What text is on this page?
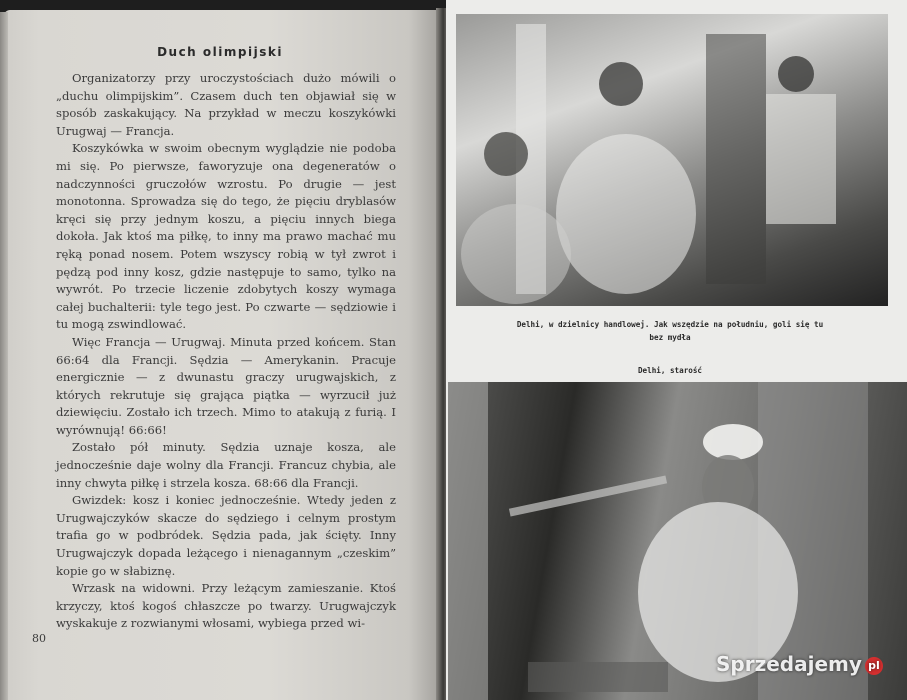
Duch olimpijski

Organizatorzy przy uroczystościach dużo mówili o „duchu olimpijskim”. Czasem duch ten objawiał się w sposób zaskakujący. Na przykład w meczu koszykówki Urugwaj — Francja.

Koszykówka w swoim obecnym wyglądzie nie podoba mi się. Po pierwsze, faworyzuje ona degeneratów o nadczynności gruczołów wzrostu. Po drugie — jest monotonna. Sprowadza się do tego, że pięciu dryblasów kręci się przy jednym koszu, a pięciu innych biega dokoła. Jak ktoś ma piłkę, to inny ma prawo machać mu ręką ponad nosem. Potem wszyscy robią w tył zwrot i pędzą pod inny kosz, gdzie następuje to samo, tylko na wywrót. Po trzecie liczenie zdobytych koszy wymaga całej buchalterii: tyle tego jest. Po czwarte — sędziowie i tu mogą zswindlować.

Więc Francja — Urugwaj. Minuta przed końcem. Stan 66:64 dla Francji. Sędzia — Amerykanin. Pracuje energicznie — z dwunastu graczy urugwajskich, z których rekrutuje się grająca piątka — wyrzucił już dziewięciu. Zostało ich trzech. Mimo to atakują z furią. I wyrównują! 66:66!

Zostało pół minuty. Sędzia uznaje kosza, ale jednocześnie daje wolny dla Francji. Francuz chybia, ale inny chwyta piłkę i strzela kosza. 68:66 dla Francji.

Gwizdek: kosz i koniec jednocześnie. Wtedy jeden z Urugwajczyków skacze do sędziego i celnym prostym trafia go w podbródek. Sędzia pada, jak ścięty. Inny Urugwajczyk dopada leżącego i nienagannym „czeskim” kopie go w słabiznę.

Wrzask na widowni. Przy leżącym zamieszanie. Ktoś krzyczy, ktoś kogoś chłaszcze po twarzy. Urugwajczyk wyskakuje z rozwianymi włosami, wybiega przed wi-

80
Delhi, w dzielnicy handlowej. Jak wszędzie na południu, goli się tu
bez mydła
Delhi, starość
Sprzedajemy pl
